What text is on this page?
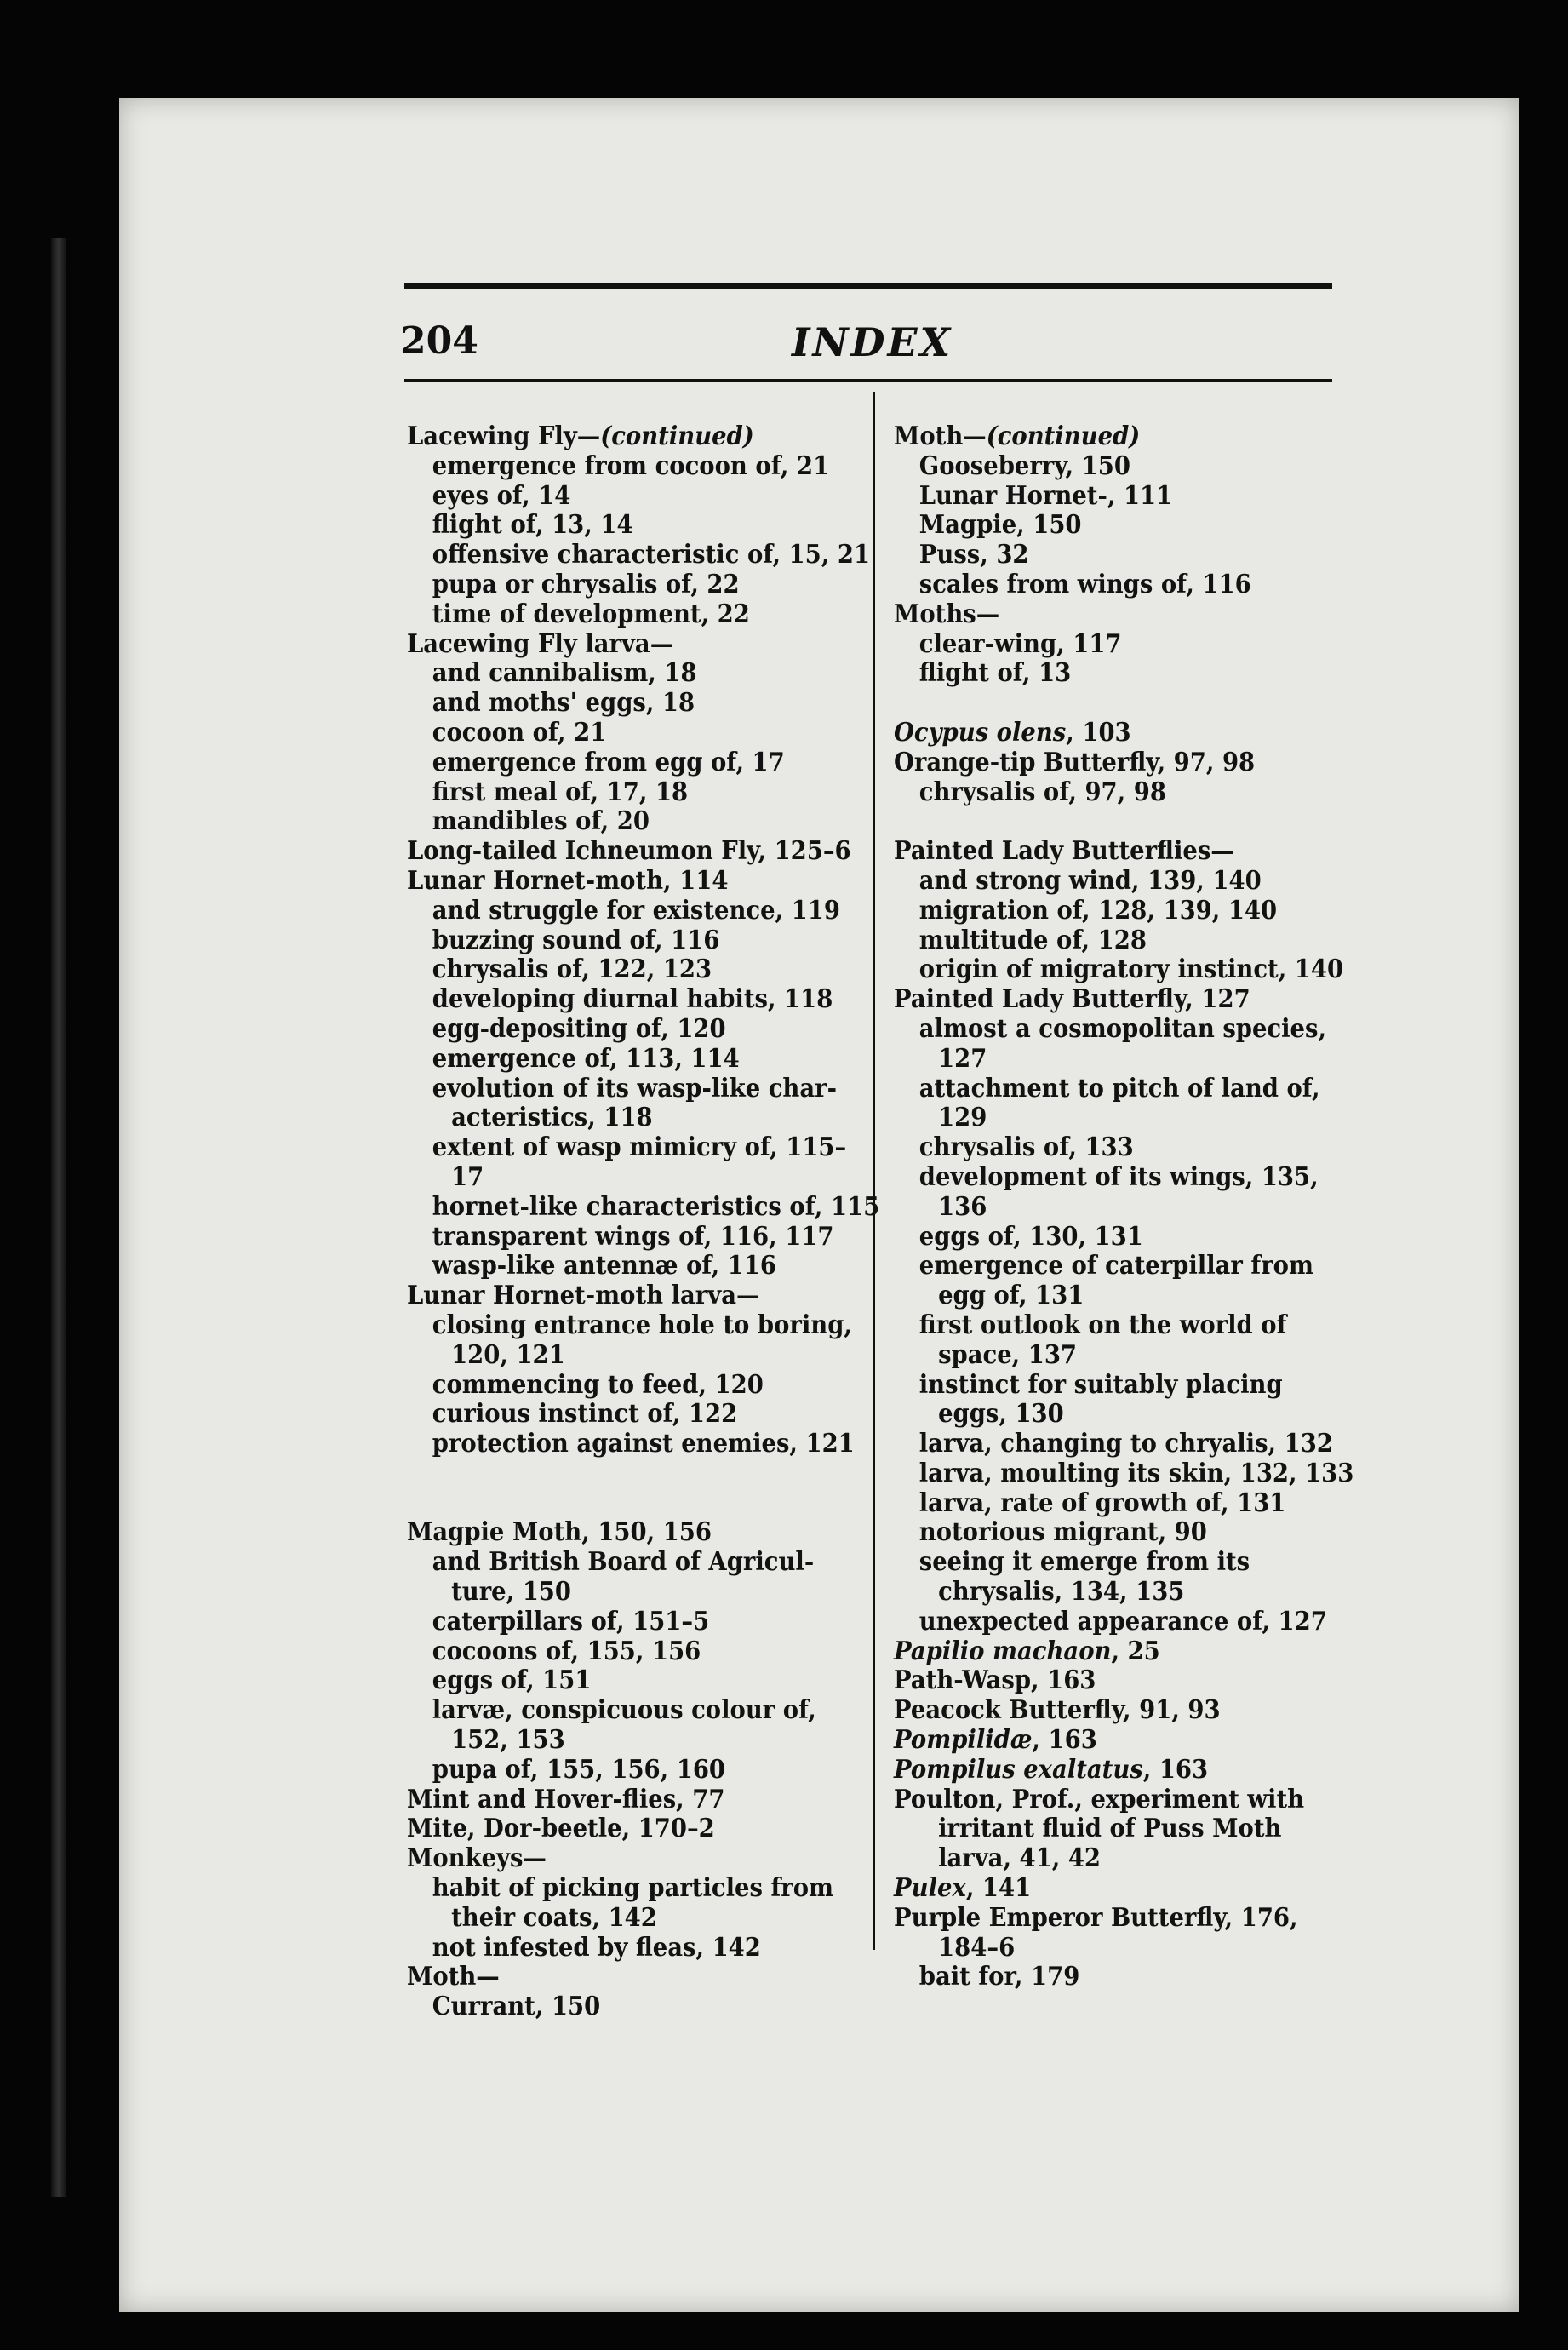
204	INDEX
Lacewing Fly—(continued)
emergence from cocoon of, 21
eyes of, 14
flight of, 13, 14
offensive characteristic of, 15, 21
pupa or chrysalis of, 22
time of development, 22
Lacewing Fly larva—
and cannibalism, 18
and moths' eggs, 18
cocoon of, 21
emergence from egg of, 17
first meal of, 17, 18
mandibles of, 20
Long-tailed Ichneumon Fly, 125–6
Lunar Hornet-moth, 114
and struggle for existence, 119
buzzing sound of, 116
chrysalis of, 122, 123
developing diurnal habits, 118
egg-depositing of, 120
emergence of, 113, 114
evolution of its wasp-like char-
acteristics, 118
extent of wasp mimicry of, 115–
17
hornet-like characteristics of, 115
transparent wings of, 116, 117
wasp-like antennæ of, 116
Lunar Hornet-moth larva—
closing entrance hole to boring,
120, 121
commencing to feed, 120
curious instinct of, 122
protection against enemies, 121
Magpie Moth, 150, 156
and British Board of Agricul-
ture, 150
caterpillars of, 151–5
cocoons of, 155, 156
eggs of, 151
larvæ, conspicuous colour of,
152, 153
pupa of, 155, 156, 160
Mint and Hover-flies, 77
Mite, Dor-beetle, 170–2
Monkeys—
habit of picking particles from
their coats, 142
not infested by fleas, 142
Moth—
Currant, 150
Moth—(continued)
Gooseberry, 150
Lunar Hornet-, 111
Magpie, 150
Puss, 32
scales from wings of, 116
Moths—
clear-wing, 117
flight of, 13
Ocypus olens, 103
Orange-tip Butterfly, 97, 98
chrysalis of, 97, 98
Painted Lady Butterflies—
and strong wind, 139, 140
migration of, 128, 139, 140
multitude of, 128
origin of migratory instinct, 140
Painted Lady Butterfly, 127
almost a cosmopolitan species,
127
attachment to pitch of land of,
129
chrysalis of, 133
development of its wings, 135,
136
eggs of, 130, 131
emergence of caterpillar from
egg of, 131
first outlook on the world of
space, 137
instinct for suitably placing
eggs, 130
larva, changing to chryalis, 132
larva, moulting its skin, 132, 133
larva, rate of growth of, 131
notorious migrant, 90
seeing it emerge from its
chrysalis, 134, 135
unexpected appearance of, 127
Papilio machaon, 25
Path-Wasp, 163
Peacock Butterfly, 91, 93
Pompilidæ, 163
Pompilus exaltatus, 163
Poulton, Prof., experiment with
irritant fluid of Puss Moth
larva, 41, 42
Pulex, 141
Purple Emperor Butterfly, 176,
184–6
bait for, 179
